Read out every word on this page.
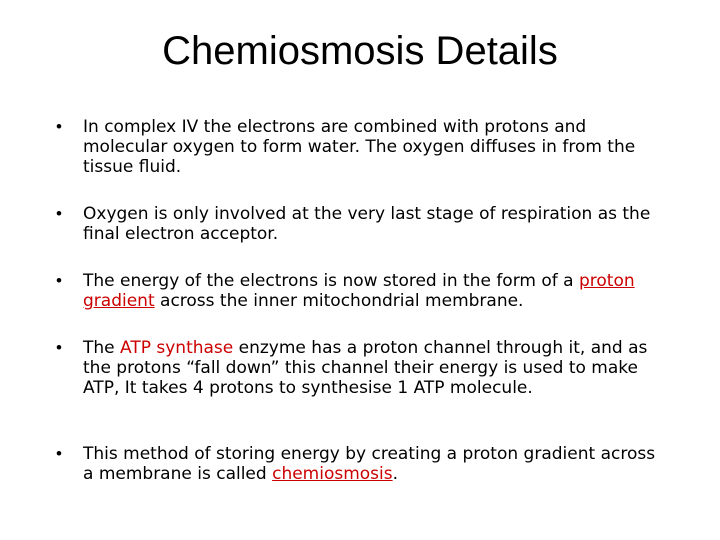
Chemiosmosis Details
•	In complex IV the electrons are combined with protons and molecular oxygen to form water. The oxygen diffuses in from the tissue fluid.
•	Oxygen is only involved at the very last stage of respiration as the final electron acceptor.
•	The energy of the electrons is now stored in the form of a proton gradient across the inner mitochondrial membrane.
•	The ATP synthase enzyme has a proton channel through it, and as the protons “fall down” this channel their energy is used to make ATP, It takes 4 protons to synthesise 1 ATP molecule.
•	This method of storing energy by creating a proton gradient across a membrane is called chemiosmosis.
